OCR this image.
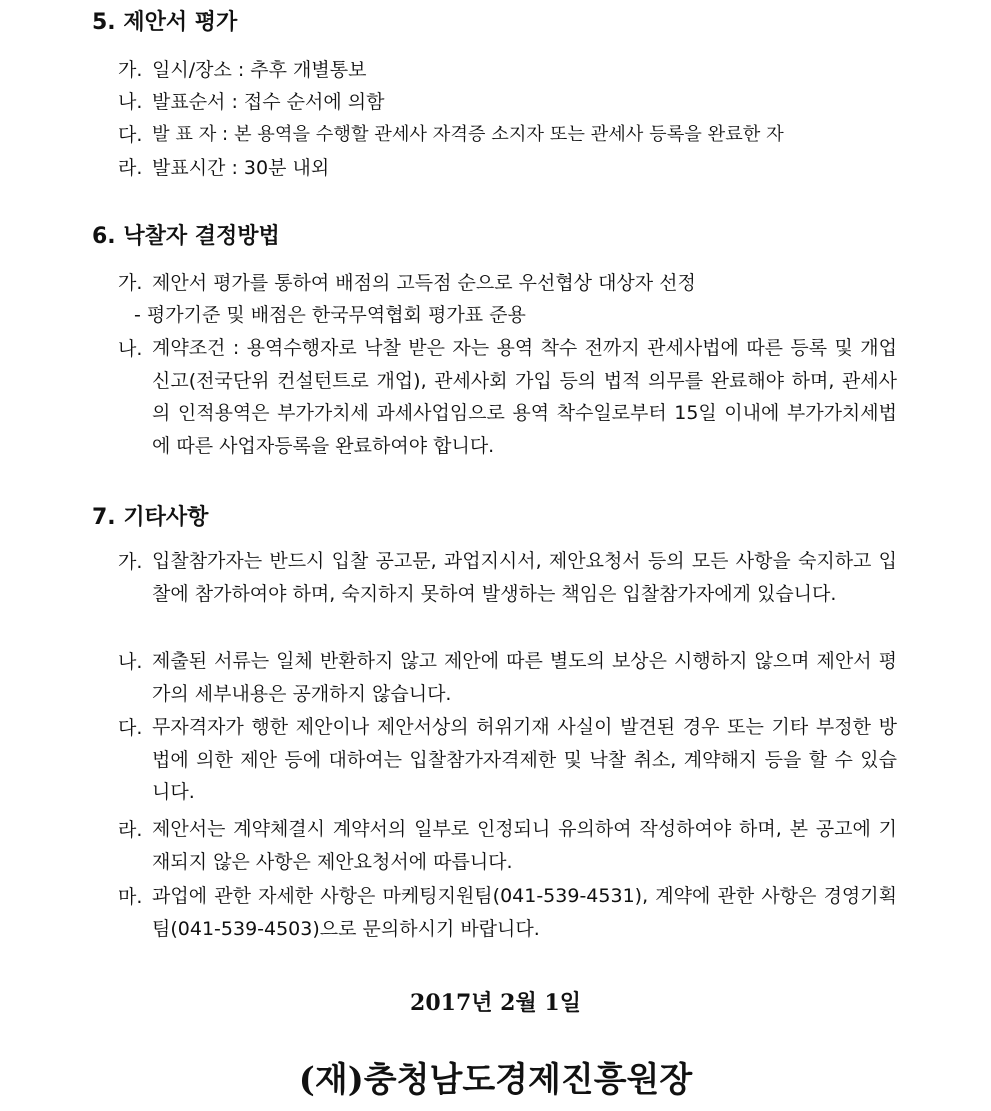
5. 제안서 평가
가. 일시/장소 : 추후 개별통보
나. 발표순서 : 접수 순서에 의함
다. 발 표 자 : 본 용역을 수행할 관세사 자격증 소지자 또는 관세사 등록을 완료한 자
라. 발표시간 : 30분 내외
6. 낙찰자 결정방법
가. 제안서 평가를 통하여 배점의 고득점 순으로 우선협상 대상자 선정
- 평가기준 및 배점은 한국무역협회 평가표 준용
나. 계약조건 : 용역수행자로 낙찰 받은 자는 용역 착수 전까지 관세사법에 따른 등록 및 개업신고(전국단위 컨설턴트로 개업), 관세사회 가입 등의 법적 의무를 완료해야 하며, 관세사의 인적용역은 부가가치세 과세사업임으로 용역 착수일로부터 15일 이내에 부가가치세법에 따른 사업자등록을 완료하여야 합니다.
7. 기타사항
가. 입찰참가자는 반드시 입찰 공고문, 과업지시서, 제안요청서 등의 모든 사항을 숙지하고 입찰에 참가하여야 하며, 숙지하지 못하여 발생하는 책임은 입찰참가자에게 있습니다.
나. 제출된 서류는 일체 반환하지 않고 제안에 따른 별도의 보상은 시행하지 않으며 제안서 평가의 세부내용은 공개하지 않습니다.
다. 무자격자가 행한 제안이나 제안서상의 허위기재 사실이 발견된 경우 또는 기타 부정한 방법에 의한 제안 등에 대하여는 입찰참가자격제한 및 낙찰 취소, 계약해지 등을 할 수 있습니다.
라. 제안서는 계약체결시 계약서의 일부로 인정되니 유의하여 작성하여야 하며, 본 공고에 기재되지 않은 사항은 제안요청서에 따릅니다.
마. 과업에 관한 자세한 사항은 마케팅지원팀(041-539-4531), 계약에 관한 사항은 경영기획팀(041-539-4503)으로 문의하시기 바랍니다.
2017년 2월 1일
(재)충청남도경제진흥원장
